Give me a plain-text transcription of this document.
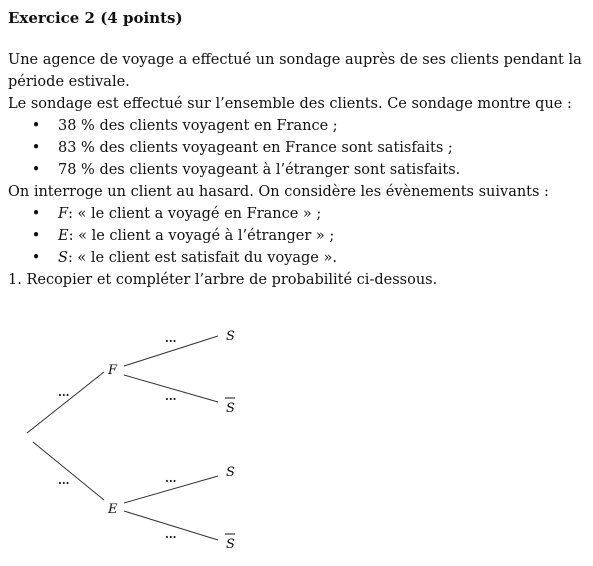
Exercice 2 (4 points)

Une agence de voyage a effectué un sondage auprès de ses clients pendant la période estivale.

Le sondage est effectué sur l’ensemble des clients. Ce sondage montre que :

• 38 % des clients voyagent en France ;
• 83 % des clients voyageant en France sont satisfaits ;
• 78 % des clients voyageant à l’étranger sont satisfaits.

On interroge un client au hasard. On considère les évènements suivants :

• F: « le client a voyagé en France » ;
• E: « le client a voyagé à l’étranger » ;
• S: « le client est satisfait du voyage ».

1. Recopier et compléter l’arbre de probabilité ci-dessous.

...
...
...
...
...
...
F
E
S
S
S
S
